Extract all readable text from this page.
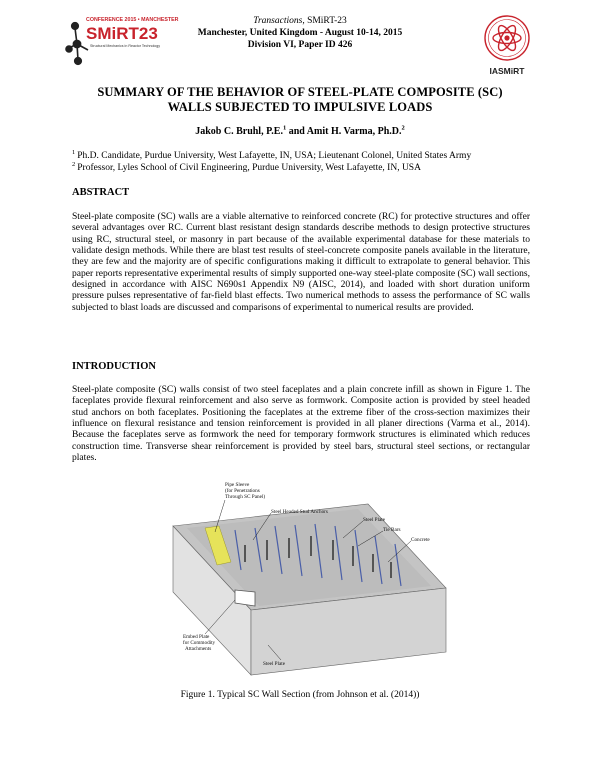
CONFERENCE 2015 • MANCHESTER
SMiRT23
Structural Mechanics in Reactor Technology
Transactions, SMiRT-23
Manchester, United Kingdom - August 10-14, 2015
Division VI, Paper ID 426
IASMiRT
SUMMARY OF THE BEHAVIOR OF STEEL-PLATE COMPOSITE (SC)
WALLS SUBJECTED TO IMPULSIVE LOADS
Jakob C. Bruhl, P.E.$^1$ and Amit H. Varma, Ph.D.$^2$
$^1$ Ph.D. Candidate, Purdue University, West Lafayette, IN, USA; Lieutenant Colonel, United States Army
$^2$ Professor, Lyles School of Civil Engineering, Purdue University, West Lafayette, IN, USA
ABSTRACT
Steel-plate composite (SC) walls are a viable alternative to reinforced concrete (RC) for protective structures and offer several advantages over RC. Current blast resistant design standards describe methods to design protective structures using RC, structural steel, or masonry in part because of the available experimental database for these materials to validate design methods. While there are blast test results of steel-concrete composite panels available in the literature, they are few and the majority are of specific configurations making it difficult to extrapolate to general behavior. This paper reports representative experimental results of simply supported one-way steel-plate composite (SC) wall sections, designed in accordance with AISC N690s1 Appendix N9 (AISC, 2014), and loaded with short duration uniform pressure pulses representative of far-field blast effects. Two numerical methods to assess the performance of SC walls subjected to blast loads are discussed and comparisons of experimental to numerical results are provided.
INTRODUCTION
Steel-plate composite (SC) walls consist of two steel faceplates and a plain concrete infill as shown in Figure 1. The faceplates provide flexural reinforcement and also serve as formwork. Composite action is provided by steel headed stud anchors on both faceplates. Positioning the faceplates at the extreme fiber of the cross-section maximizes their influence on flexural resistance and tension reinforcement is provided in all planer directions (Varma et al., 2014). Because the faceplates serve as formwork the need for temporary formwork structures is eliminated which reduces construction time. Transverse shear reinforcement is provided by steel bars, structural steel sections, or rectangular plates.
Pipe Sleeve
(for Penetrations
Through SC Panel)
Steel Headed Stud Anchors
Steel Plate
Tie Bars
Concrete
Embed Plate
for Commodity
Attachments
Steel Plate
Figure 1. Typical SC Wall Section (from Johnson et al. (2014))
